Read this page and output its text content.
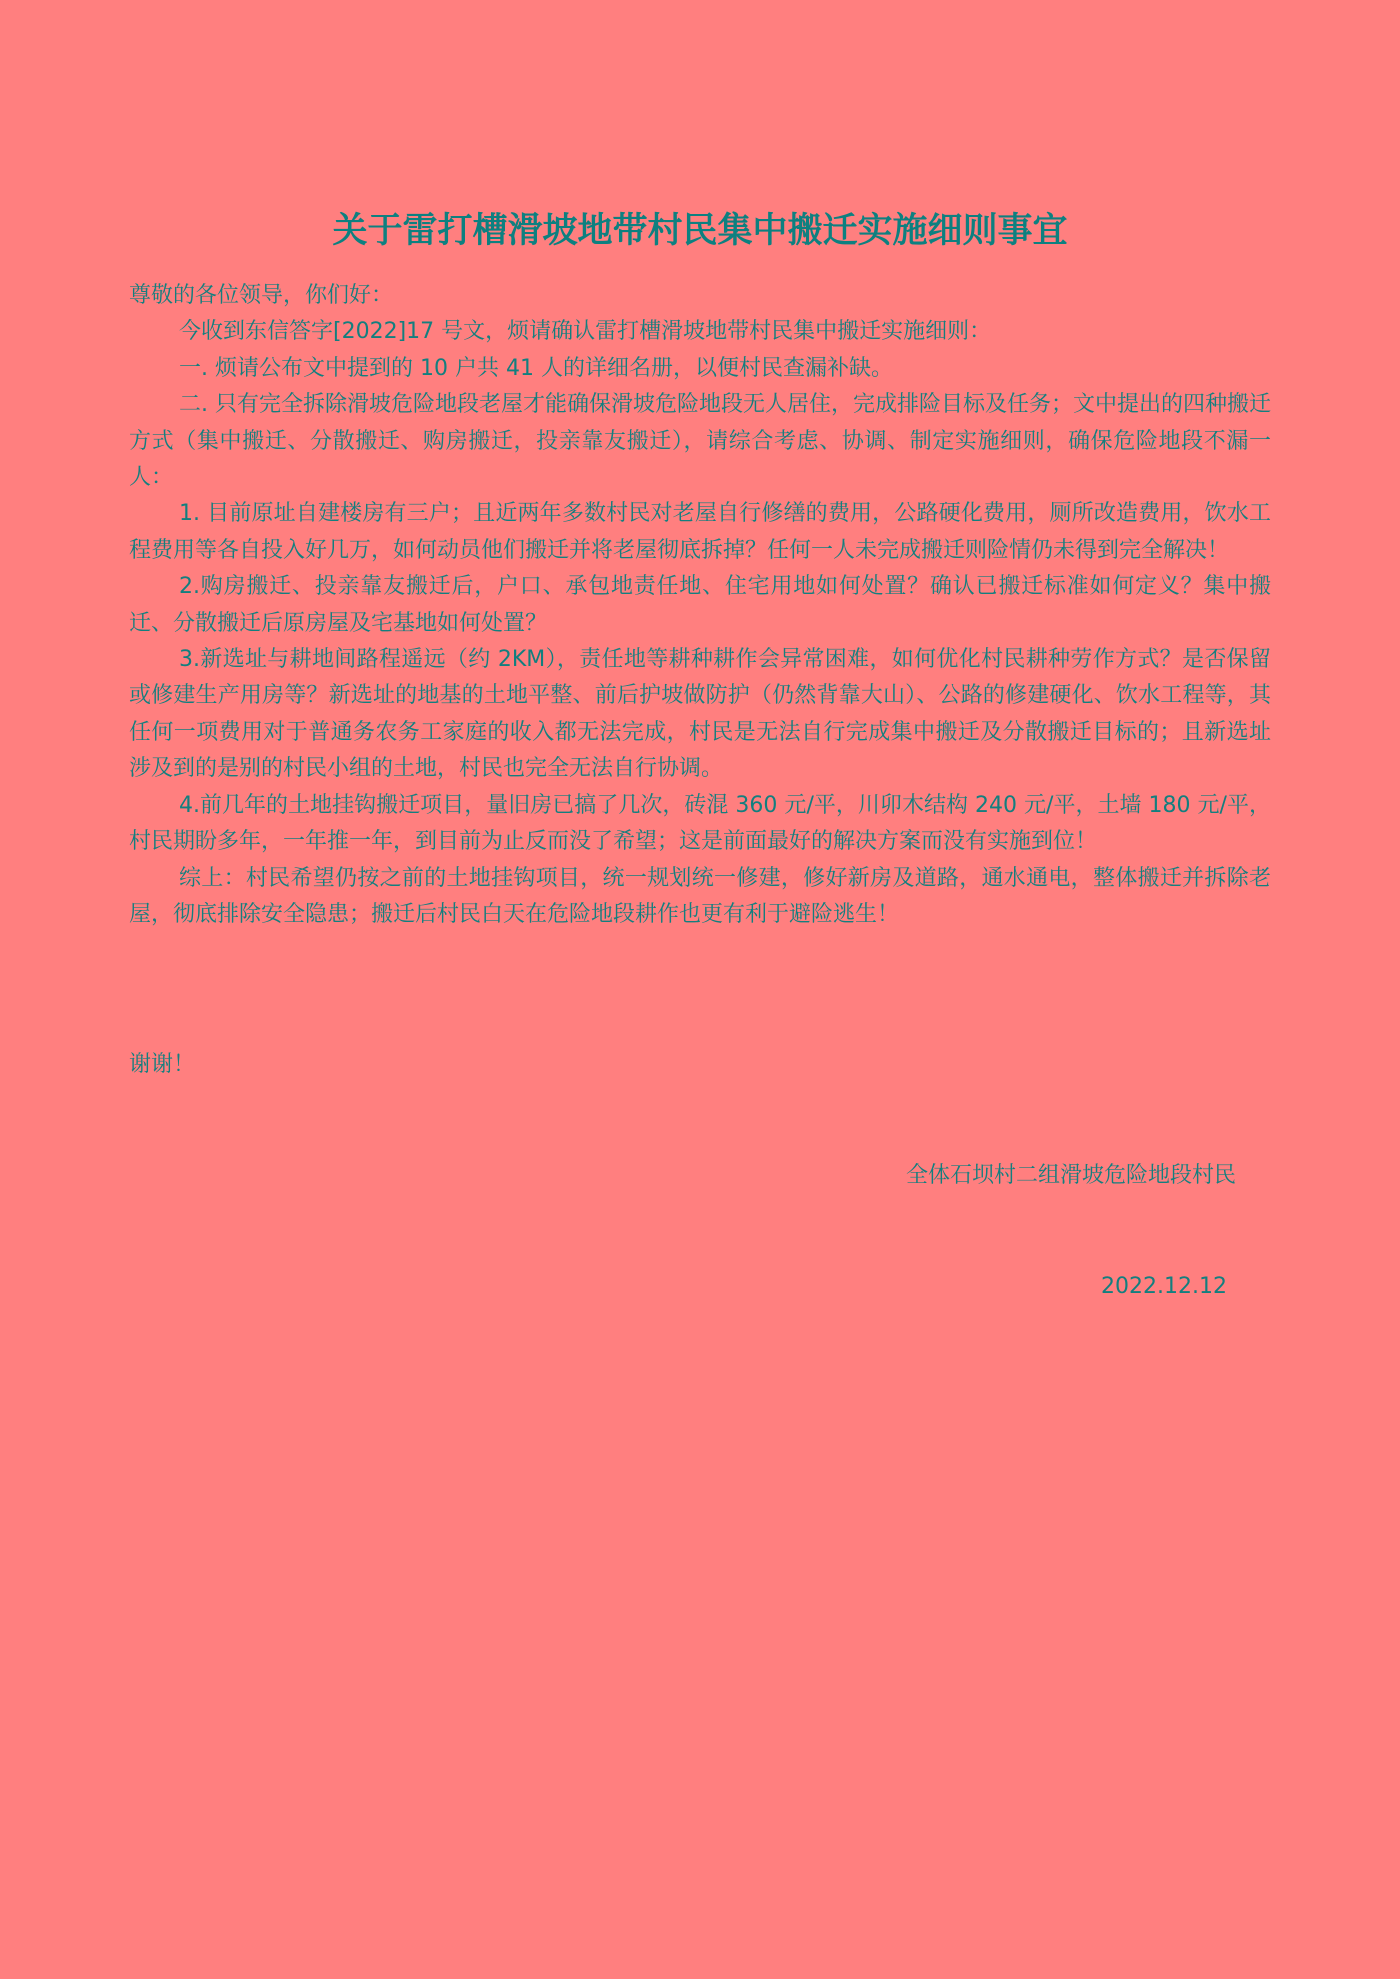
关于雷打槽滑坡地带村民集中搬迁实施细则事宜

尊敬的各位领导，你们好：

今收到东信答字[2022]17 号文，烦请确认雷打槽滑坡地带村民集中搬迁实施细则：

一. 烦请公布文中提到的 10 户共 41 人的详细名册，以便村民查漏补缺。

二. 只有完全拆除滑坡危险地段老屋才能确保滑坡危险地段无人居住，完成排险目标及任务；文中提出的四种搬迁方式（集中搬迁、分散搬迁、购房搬迁，投亲靠友搬迁），请综合考虑、协调、制定实施细则，确保危险地段不漏一人：

1. 目前原址自建楼房有三户；且近两年多数村民对老屋自行修缮的费用，公路硬化费用，厕所改造费用，饮水工程费用等各自投入好几万，如何动员他们搬迁并将老屋彻底拆掉？任何一人未完成搬迁则险情仍未得到完全解决！

2.购房搬迁、投亲靠友搬迁后，户口、承包地责任地、住宅用地如何处置？确认已搬迁标准如何定义？集中搬迁、分散搬迁后原房屋及宅基地如何处置？

3.新选址与耕地间路程遥远（约 2KM），责任地等耕种耕作会异常困难，如何优化村民耕种劳作方式？是否保留或修建生产用房等？新选址的地基的土地平整、前后护坡做防护（仍然背靠大山）、公路的修建硬化、饮水工程等，其任何一项费用对于普通务农务工家庭的收入都无法完成，村民是无法自行完成集中搬迁及分散搬迁目标的；且新选址涉及到的是别的村民小组的土地，村民也完全无法自行协调。

4.前几年的土地挂钩搬迁项目，量旧房已搞了几次，砖混 360 元/平，川卯木结构 240 元/平，土墙 180 元/平，村民期盼多年，一年推一年，到目前为止反而没了希望；这是前面最好的解决方案而没有实施到位！

综上：村民希望仍按之前的土地挂钩项目，统一规划统一修建，修好新房及道路，通水通电，整体搬迁并拆除老屋，彻底排除安全隐患；搬迁后村民白天在危险地段耕作也更有利于避险逃生！

谢谢！
全体石坝村二组滑坡危险地段村民
2022.12.12
